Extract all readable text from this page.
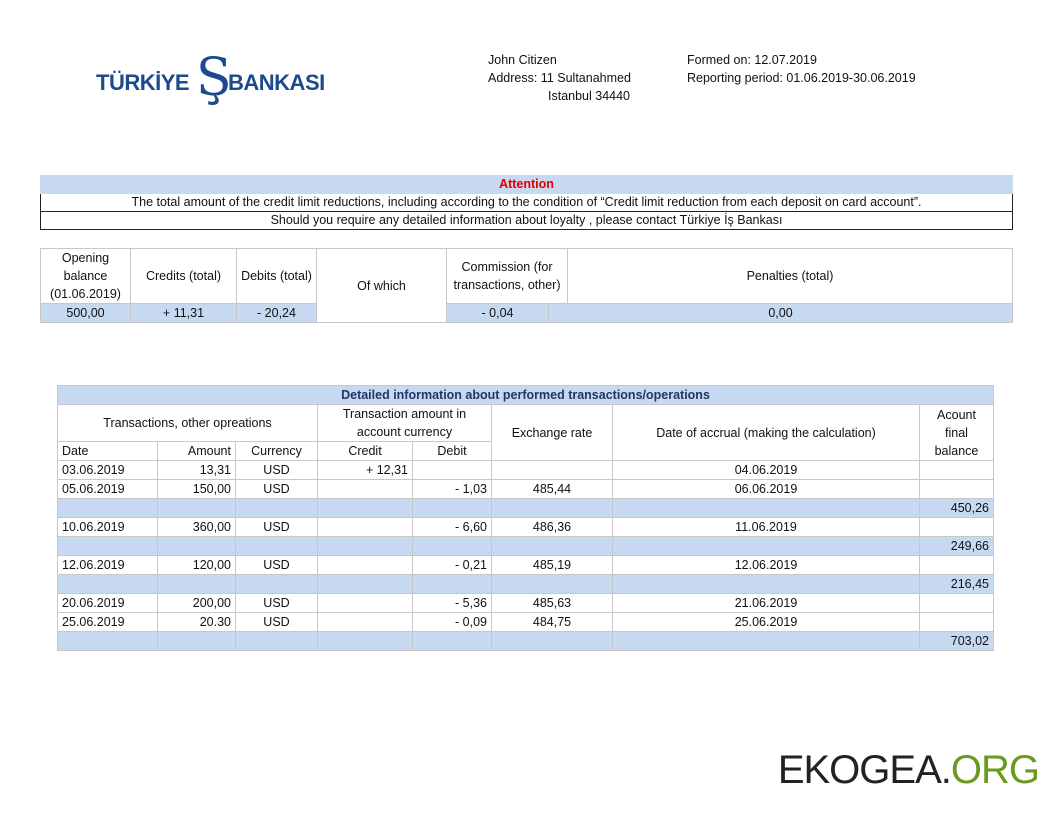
TÜRKİYE Ş
BANKASI
John Citizen
Address: 11 Sultanahmed
Istanbul 34440
Formed on: 12.07.2019
Reporting period: 01.06.2019-30.06.2019
Attention
The total amount of the credit limit reductions, including according to the condition of “Credit limit reduction from each deposit on card account”.
Should you require any detailed information about loyalty , please contact Türkiye İş Bankası
Opening balance (01.06.2019)	Credits (total)	Debits (total)	Of which	Commission (for transactions, other)		Penalties (total)
500,00	+ 11,31	- 20,24		- 0,04	0,00	
Detailed information about performed transactions/operations							
Transactions, other opreations			Transaction amount in account currency		Exchange rate	Date of accrual (making the calculation)	Acount final balance
Date	Amount	Currency	Credit	Debit			
03.06.2019	13,31	USD	+ 12,31			04.06.2019	
05.06.2019	150,00	USD		- 1,03	485,44	06.06.2019	
							450,26
10.06.2019	360,00	USD		- 6,60	486,36	11.06.2019	
							249,66
12.06.2019	120,00	USD		- 0,21	485,19	12.06.2019	
							216,45
20.06.2019	200,00	USD		- 5,36	485,63	21.06.2019	
25.06.2019	20.30	USD		- 0,09	484,75	25.06.2019	
							703,02
EKOGEA.ORG
